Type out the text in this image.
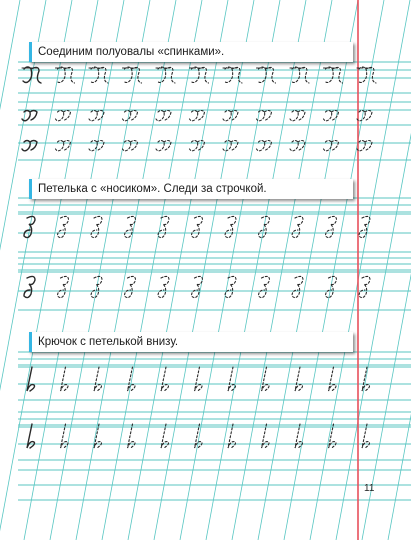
Соединим полуовалы «спинками».
Петелька с «носиком». Следи за строчкой.
Крючок с петелькой внизу.
11
